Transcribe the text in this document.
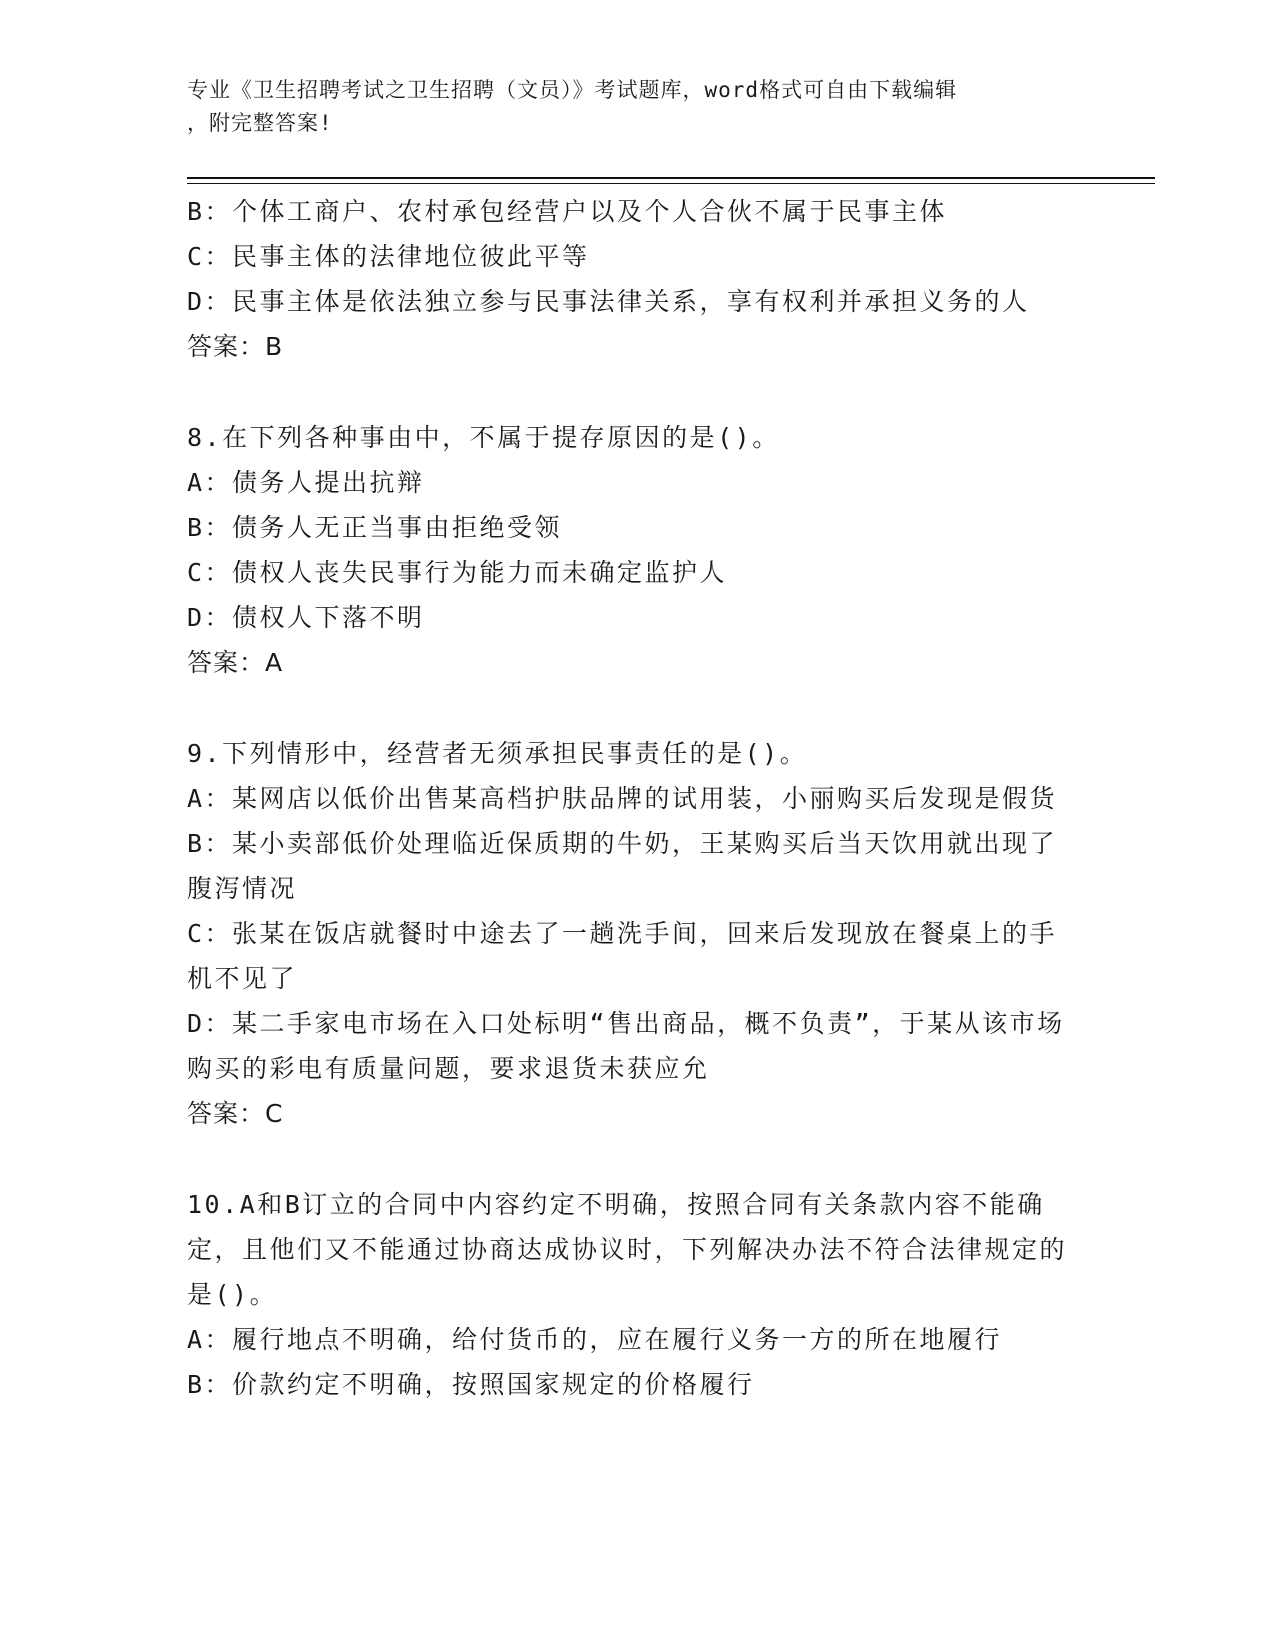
专业《卫生招聘考试之卫生招聘（文员）》考试题库，word格式可自由下载编辑
，附完整答案!

B：个体工商户、农村承包经营户以及个人合伙不属于民事主体

C：民事主体的法律地位彼此平等

D：民事主体是依法独立参与民事法律关系，享有权利并承担义务的人

答案：B

8.在下列各种事由中，不属于提存原因的是()。

A：债务人提出抗辩

B：债务人无正当事由拒绝受领

C：债权人丧失民事行为能力而未确定监护人

D：债权人下落不明

答案：A

9.下列情形中，经营者无须承担民事责任的是()。

A：某网店以低价出售某高档护肤品牌的试用装，小丽购买后发现是假货

B：某小卖部低价处理临近保质期的牛奶，王某购买后当天饮用就出现了腹泻情况

C：张某在饭店就餐时中途去了一趟洗手间，回来后发现放在餐桌上的手机不见了

D：某二手家电市场在入口处标明“售出商品，概不负责”，于某从该市场购买的彩电有质量问题，要求退货未获应允

答案：C

10.A和B订立的合同中内容约定不明确，按照合同有关条款内容不能确定，且他们又不能通过协商达成协议时，下列解决办法不符合法律规定的是()。

A：履行地点不明确，给付货币的，应在履行义务一方的所在地履行

B：价款约定不明确，按照国家规定的价格履行
